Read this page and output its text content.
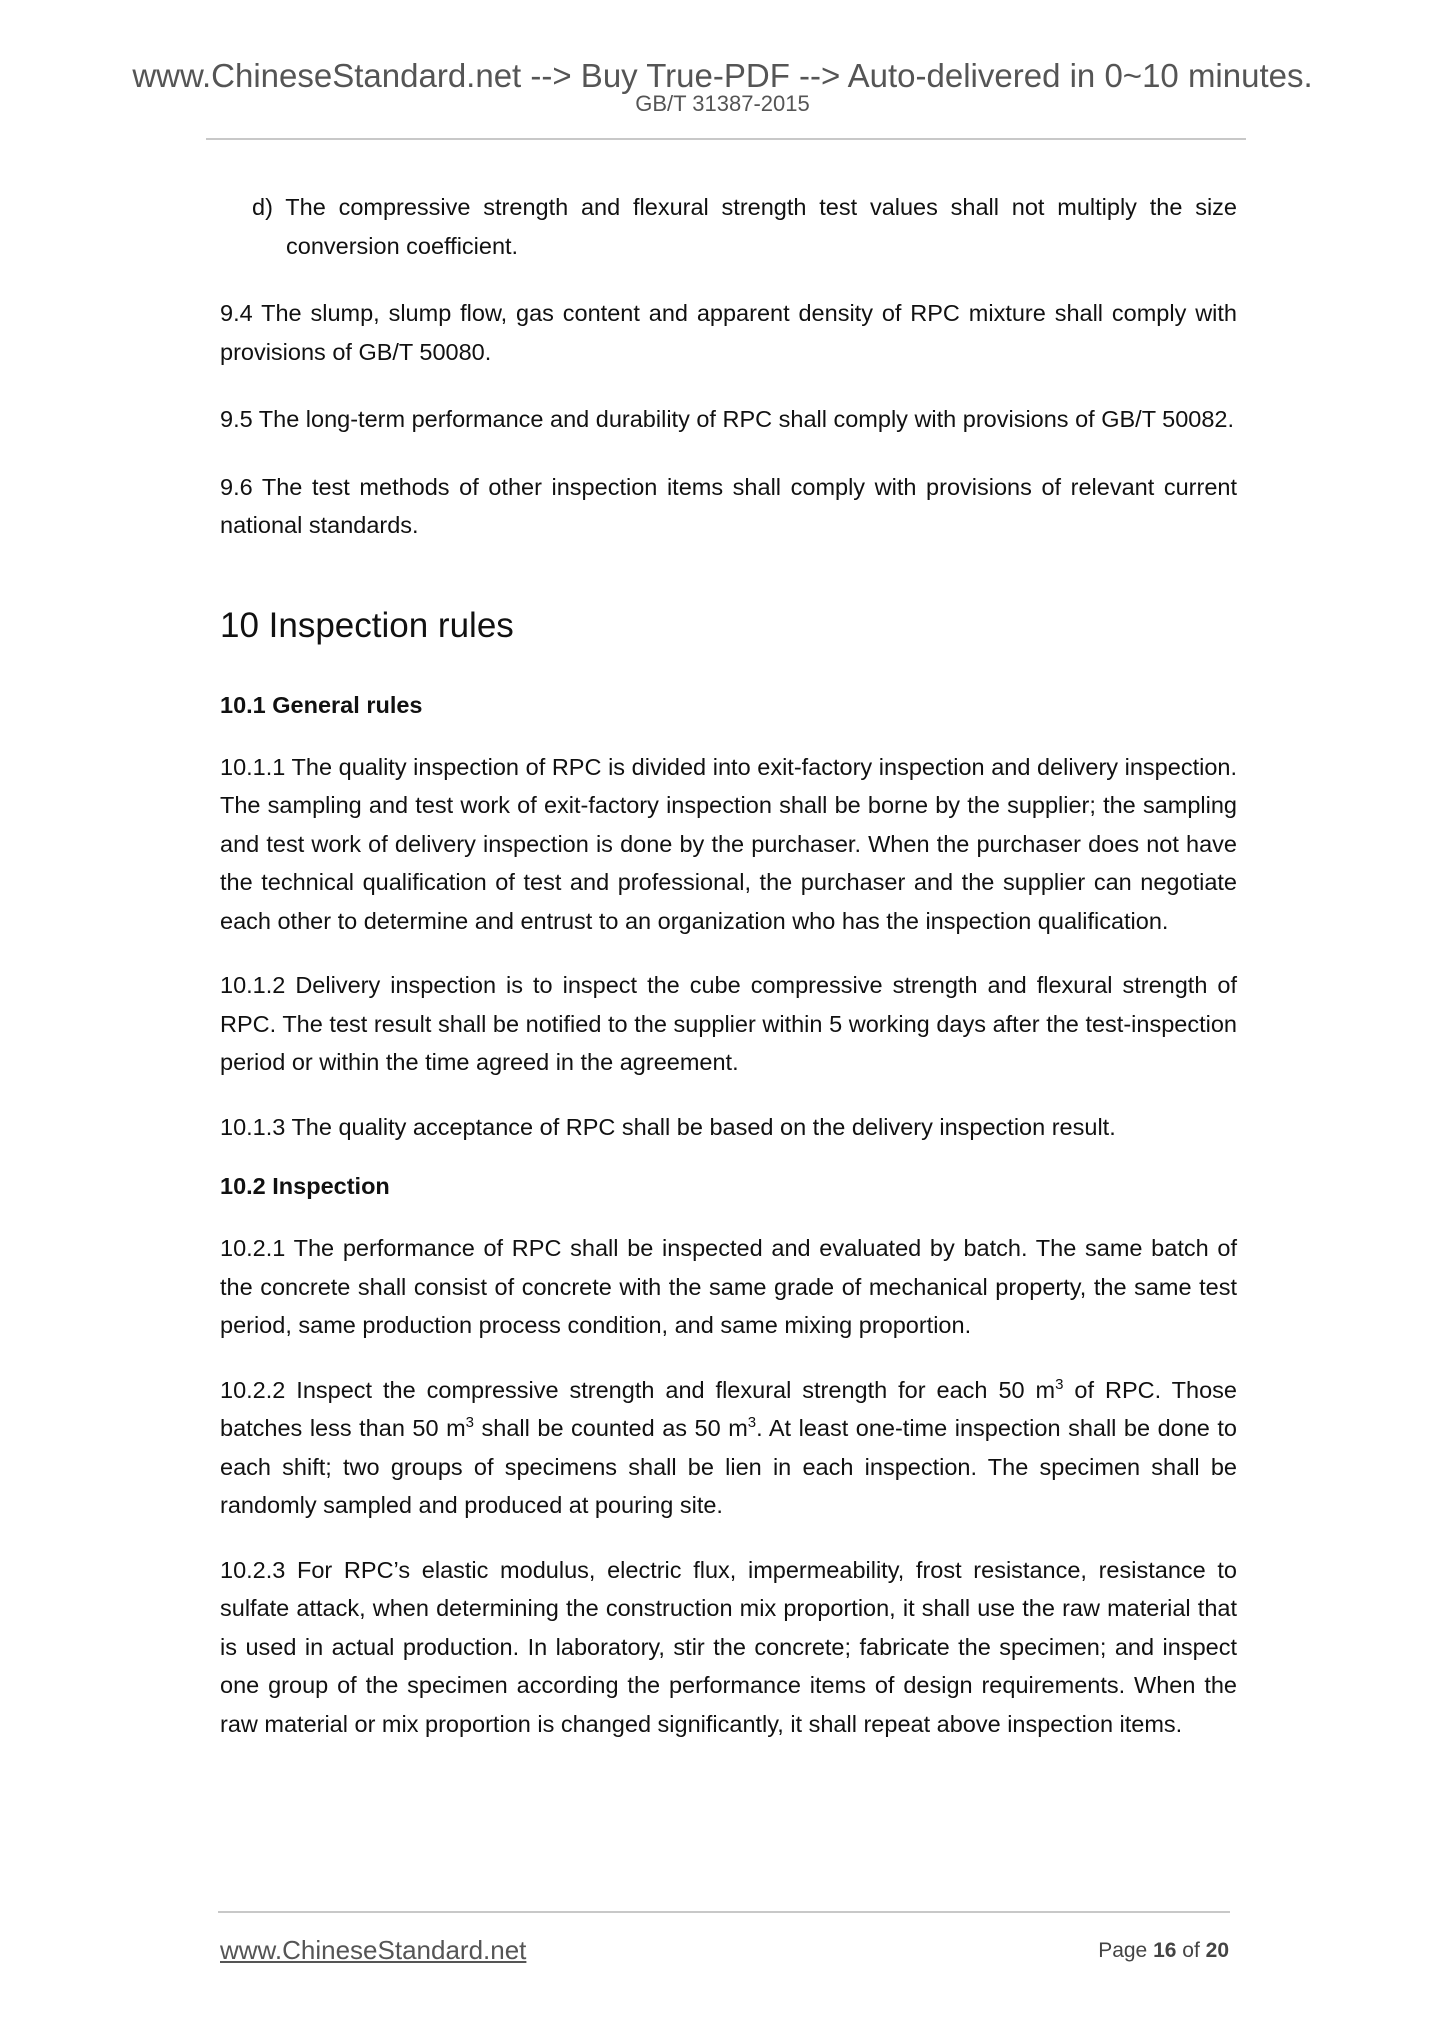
www.ChineseStandard.net --> Buy True-PDF --> Auto-delivered in 0~10 minutes.
GB/T 31387-2015

d) The compressive strength and flexural strength test values shall not multiply the size conversion coefficient.

9.4 The slump, slump flow, gas content and apparent density of RPC mixture shall comply with provisions of GB/T 50080.

9.5 The long-term performance and durability of RPC shall comply with provisions of GB/T 50082.

9.6 The test methods of other inspection items shall comply with provisions of relevant current national standards.

10 Inspection rules
10.1 General rules

10.1.1 The quality inspection of RPC is divided into exit-factory inspection and delivery inspection. The sampling and test work of exit-factory inspection shall be borne by the supplier; the sampling and test work of delivery inspection is done by the purchaser. When the purchaser does not have the technical qualification of test and professional, the purchaser and the supplier can negotiate each other to determine and entrust to an organization who has the inspection qualification.

10.1.2 Delivery inspection is to inspect the cube compressive strength and flexural strength of RPC. The test result shall be notified to the supplier within 5 working days after the test-inspection period or within the time agreed in the agreement.

10.1.3 The quality acceptance of RPC shall be based on the delivery inspection result.

10.2 Inspection

10.2.1 The performance of RPC shall be inspected and evaluated by batch. The same batch of the concrete shall consist of concrete with the same grade of mechanical property, the same test period, same production process condition, and same mixing proportion.

10.2.2 Inspect the compressive strength and flexural strength for each 50 $m^3$ of RPC. Those batches less than 50 $m^3$ shall be counted as 50 $m^3$. At least one-time inspection shall be done to each shift; two groups of specimens shall be lien in each inspection. The specimen shall be randomly sampled and produced at pouring site.

10.2.3 For RPC’s elastic modulus, electric flux, impermeability, frost resistance, resistance to sulfate attack, when determining the construction mix proportion, it shall use the raw material that is used in actual production. In laboratory, stir the concrete; fabricate the specimen; and inspect one group of the specimen according the performance items of design requirements. When the raw material or mix proportion is changed significantly, it shall repeat above inspection items.

www.ChineseStandard.net	Page 16 of 20
